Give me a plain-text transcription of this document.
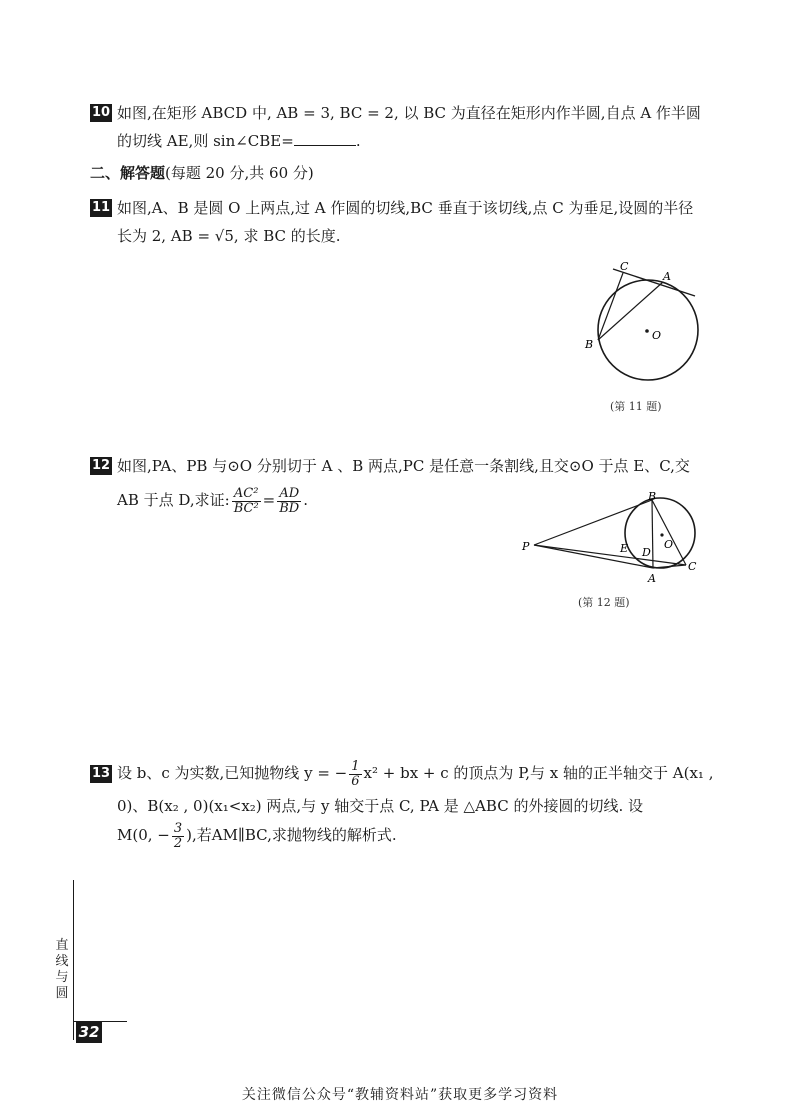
10 如图,在矩形 ABCD 中, AB = 3, BC = 2, 以 BC 为直径在矩形内作半圆,自点 A 作半圆
的切线 AE,则 sin∠CBE=	.
二、解答题(每题 20 分,共 60 分)
11 如图,A、B 是圆 O 上两点,过 A 作圆的切线,BC 垂直于该切线,点 C 为垂足,设圆的半径
长为 2, AB = √5, 求 BC 的长度.
C
A
B
O
(第 11 题)
12 如图,PA、PB 与⊙O 分别切于 A 、B 两点,PC 是任意一条割线,且交⊙O 于点 E、C,交
AB 于点 D,求证: $\frac{\text{AC²}}{\text{BC²}} = \frac{AD}{BD}$ .
P
B
E D
O
A
C
(第 12 题)
13 设 b、c 为实数,已知抛物线 y = − $\frac{1}{6} x^2$ + bx + c 的顶点为 P,与 x 轴的正半轴交于 A(x₁ ,
0)、B(x₂ , 0)(x₁<x₂) 两点,与 y 轴交于点 C, PA 是 △ABC 的外接圆的切线. 设
M(0, − $\frac{3}{2}$ ),若AM∥BC,求抛物线的解析式.
直
线
与
圆
32
关注微信公众号“教辅资料站”获取更多学习资料
